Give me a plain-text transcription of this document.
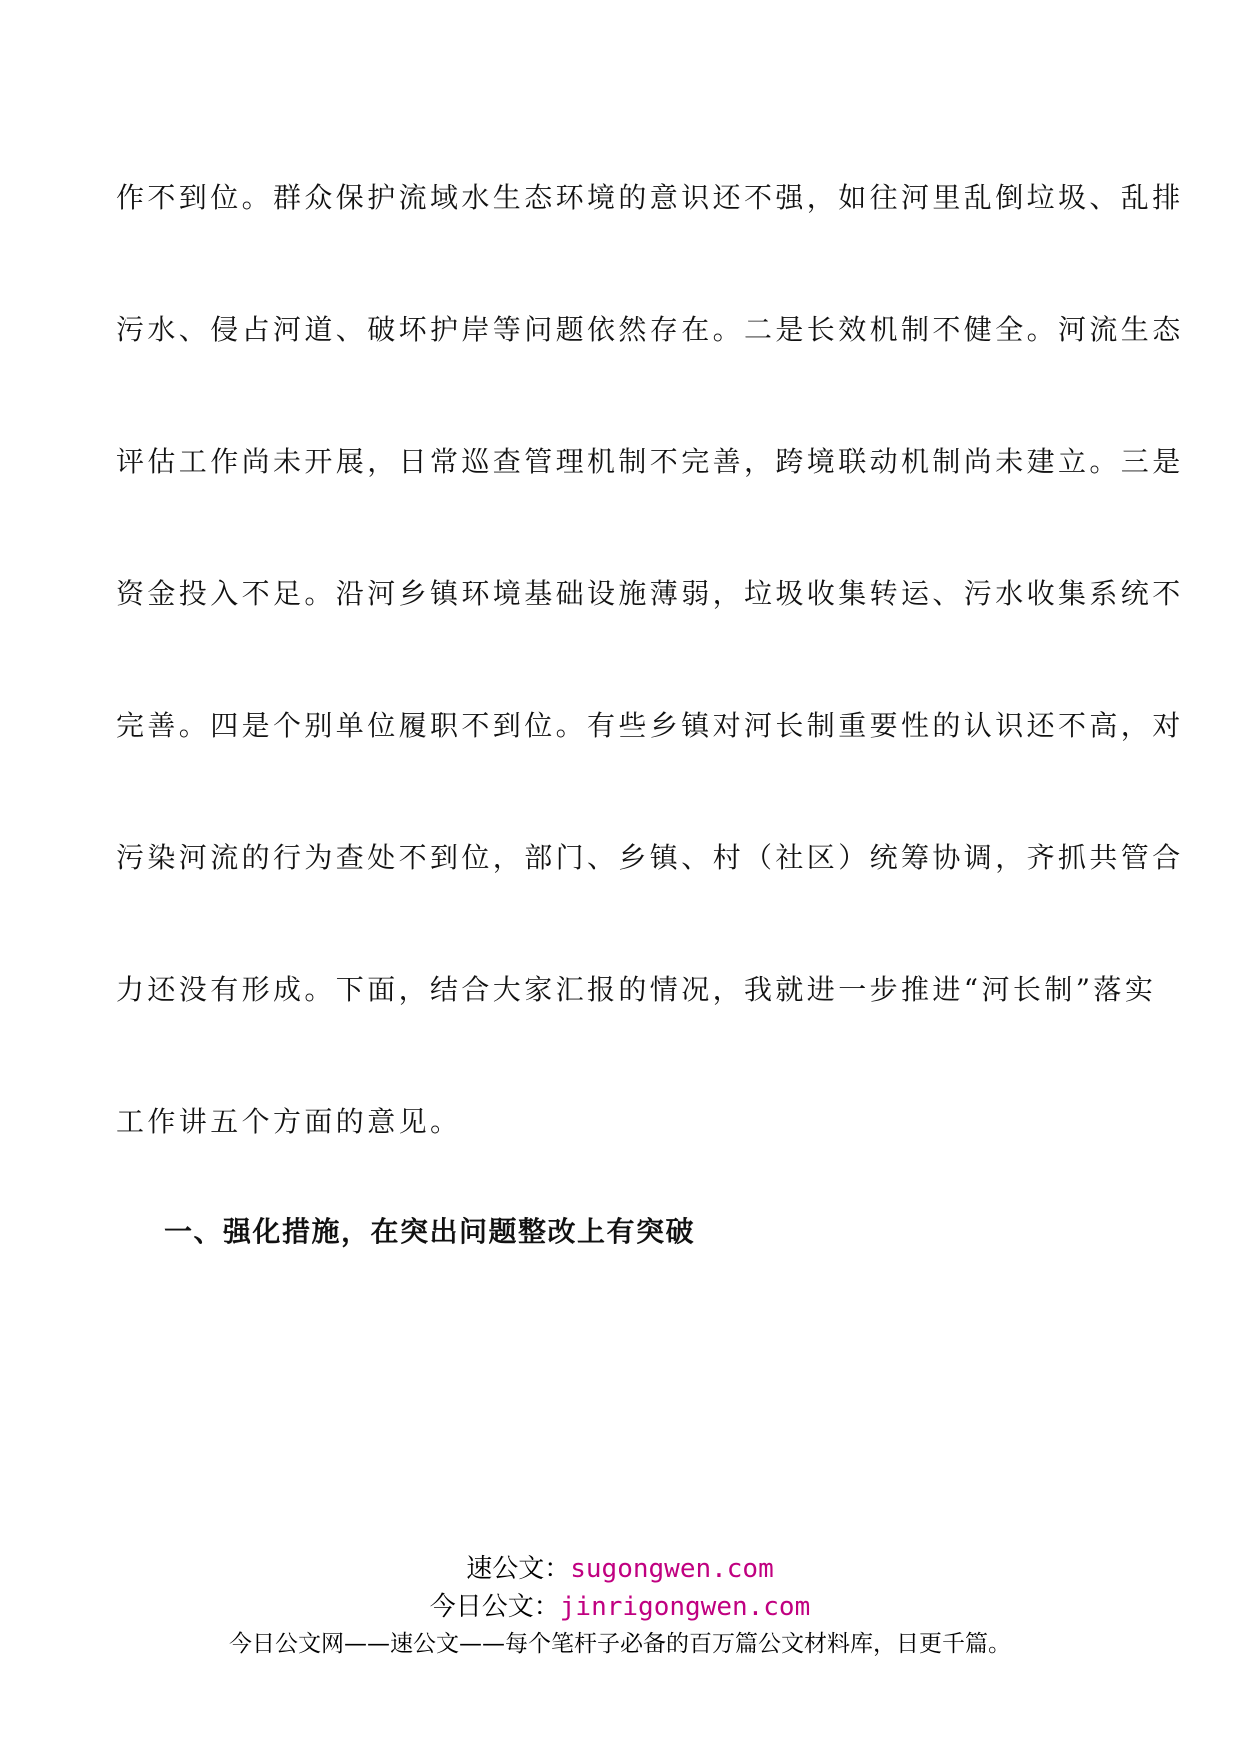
作不到位。群众保护流域水生态环境的意识还不强，如往河里乱倒垃圾、乱排
污水、侵占河道、破坏护岸等问题依然存在。二是长效机制不健全。河流生态
评估工作尚未开展，日常巡查管理机制不完善，跨境联动机制尚未建立。三是
资金投入不足。沿河乡镇环境基础设施薄弱，垃圾收集转运、污水收集系统不
完善。四是个别单位履职不到位。有些乡镇对河长制重要性的认识还不高，对
污染河流的行为查处不到位，部门、乡镇、村（社区）统筹协调，齐抓共管合
力还没有形成。下面，结合大家汇报的情况，我就进一步推进“河长制”落实
工作讲五个方面的意见。
一、强化措施，在突出问题整改上有突破
速公文：sugongwen.com
今日公文：jinrigongwen.com
今日公文网——速公文——每个笔杆子必备的百万篇公文材料库，日更千篇。
